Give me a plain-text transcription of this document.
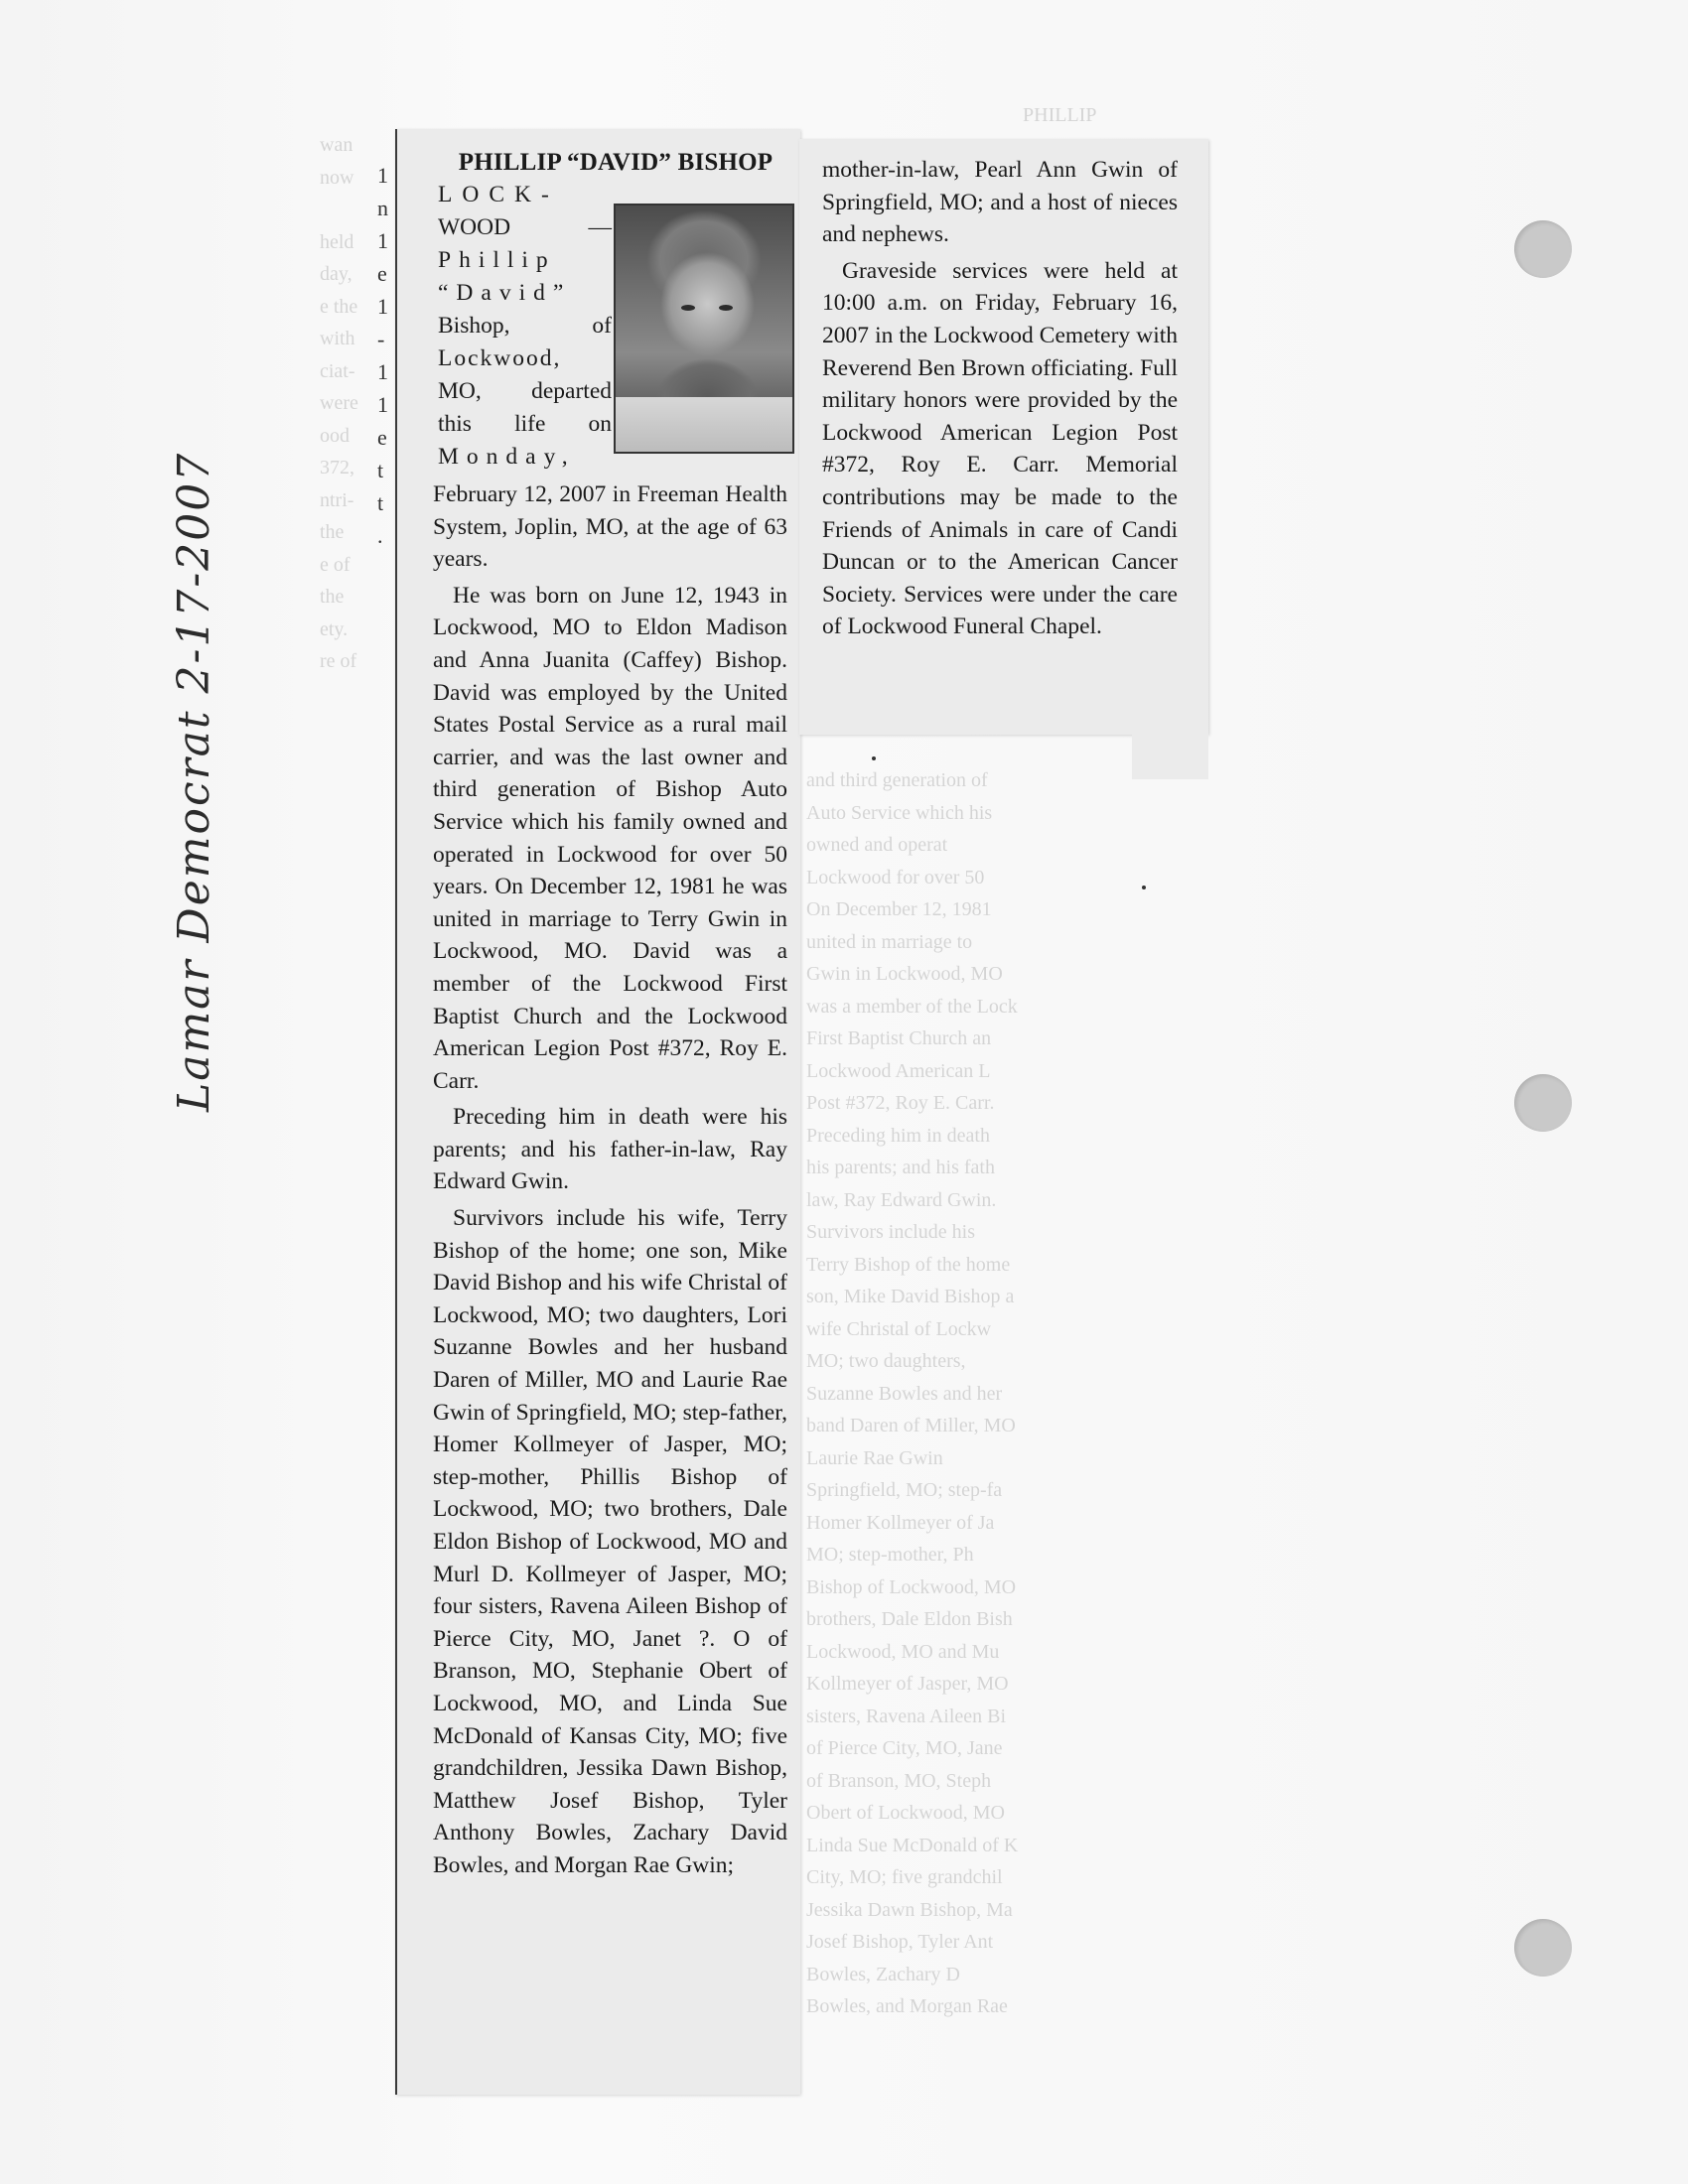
and third generation of
Auto Service which his
owned and operat
Lockwood for over 50
On December 12, 1981
united in marriage to
Gwin in Lockwood, MO
was a member of the Lock
First Baptist Church an
Lockwood American L
Post #372, Roy E. Carr.
Preceding him in death
his parents; and his fath
law, Ray Edward Gwin.
Survivors include his
Terry Bishop of the home
son, Mike David Bishop a
wife Christal of Lockw
MO; two daughters,
Suzanne Bowles and her
band Daren of Miller, MO
Laurie Rae Gwin
Springfield, MO; step-fa
Homer Kollmeyer of Ja
MO; step-mother, Ph
Bishop of Lockwood, MO
brothers, Dale Eldon Bish
Lockwood, MO and Mu
Kollmeyer of Jasper, MO
sisters, Ravena Aileen Bi
of Pierce City, MO, Jane
of Branson, MO, Steph
Obert of Lockwood, MO
Linda Sue McDonald of K
City, MO; five grandchil
Jessika Dawn Bishop, Ma
Josef Bishop, Tyler Ant
Bowles, Zachary D
Bowles, and Morgan Rae
wan
now

held
day,
e the
with
ciat-
were
ood
372,
ntri-
the
e of
the
ety.
re of
PHILLIP
1
n
1
e
1
-
1
1
e
t
t
.
PHILLIP “DAVID” BISHOP
LOCK-
WOOD —
Phillip
“David”
Bishop, of
Lockwood,
MO, departed
this life on
Monday,

February 12, 2007 in Freeman Health System, Joplin, MO, at the age of 63 years.

He was born on June 12, 1943 in Lockwood, MO to Eldon Madison and Anna Juanita (Caffey) Bishop. David was employed by the United States Postal Service as a rural mail carrier, and was the last owner and third generation of Bishop Auto Service which his family owned and operated in Lockwood for over 50 years. On December 12, 1981 he was united in marriage to Terry Gwin in Lockwood, MO. David was a member of the Lockwood First Baptist Church and the Lockwood American Legion Post #372, Roy E. Carr.

Preceding him in death were his parents; and his father-in-law, Ray Edward Gwin.

Survivors include his wife, Terry Bishop of the home; one son, Mike David Bishop and his wife Christal of Lockwood, MO; two daughters, Lori Suzanne Bowles and her husband Daren of Miller, MO and Laurie Rae Gwin of Springfield, MO; step-father, Homer Kollmeyer of Jasper, MO; step-mother, Phillis Bishop of Lockwood, MO; two brothers, Dale Eldon Bishop of Lockwood, MO and Murl D. Kollmeyer of Jasper, MO; four sisters, Ravena Aileen Bishop of Pierce City, MO, Janet ?. O of Branson, MO, Stephanie Obert of Lockwood, MO, and Linda Sue McDonald of Kansas City, MO; five grandchildren, Jessika Dawn Bishop, Matthew Josef Bishop, Tyler Anthony Bowles, Zachary David Bowles, and Morgan Rae Gwin;

mother-in-law, Pearl Ann Gwin of Springfield, MO; and a host of nieces and nephews.

Graveside services were held at 10:00 a.m. on Friday, February 16, 2007 in the Lockwood Cemetery with Reverend Ben Brown officiating. Full military honors were provided by the Lockwood American Legion Post #372, Roy E. Carr. Memorial contributions may be made to the Friends of Animals in care of Candi Duncan or to the American Cancer Society. Services were under the care of Lockwood Funeral Chapel.

Lamar Democrat 2-17-2007
